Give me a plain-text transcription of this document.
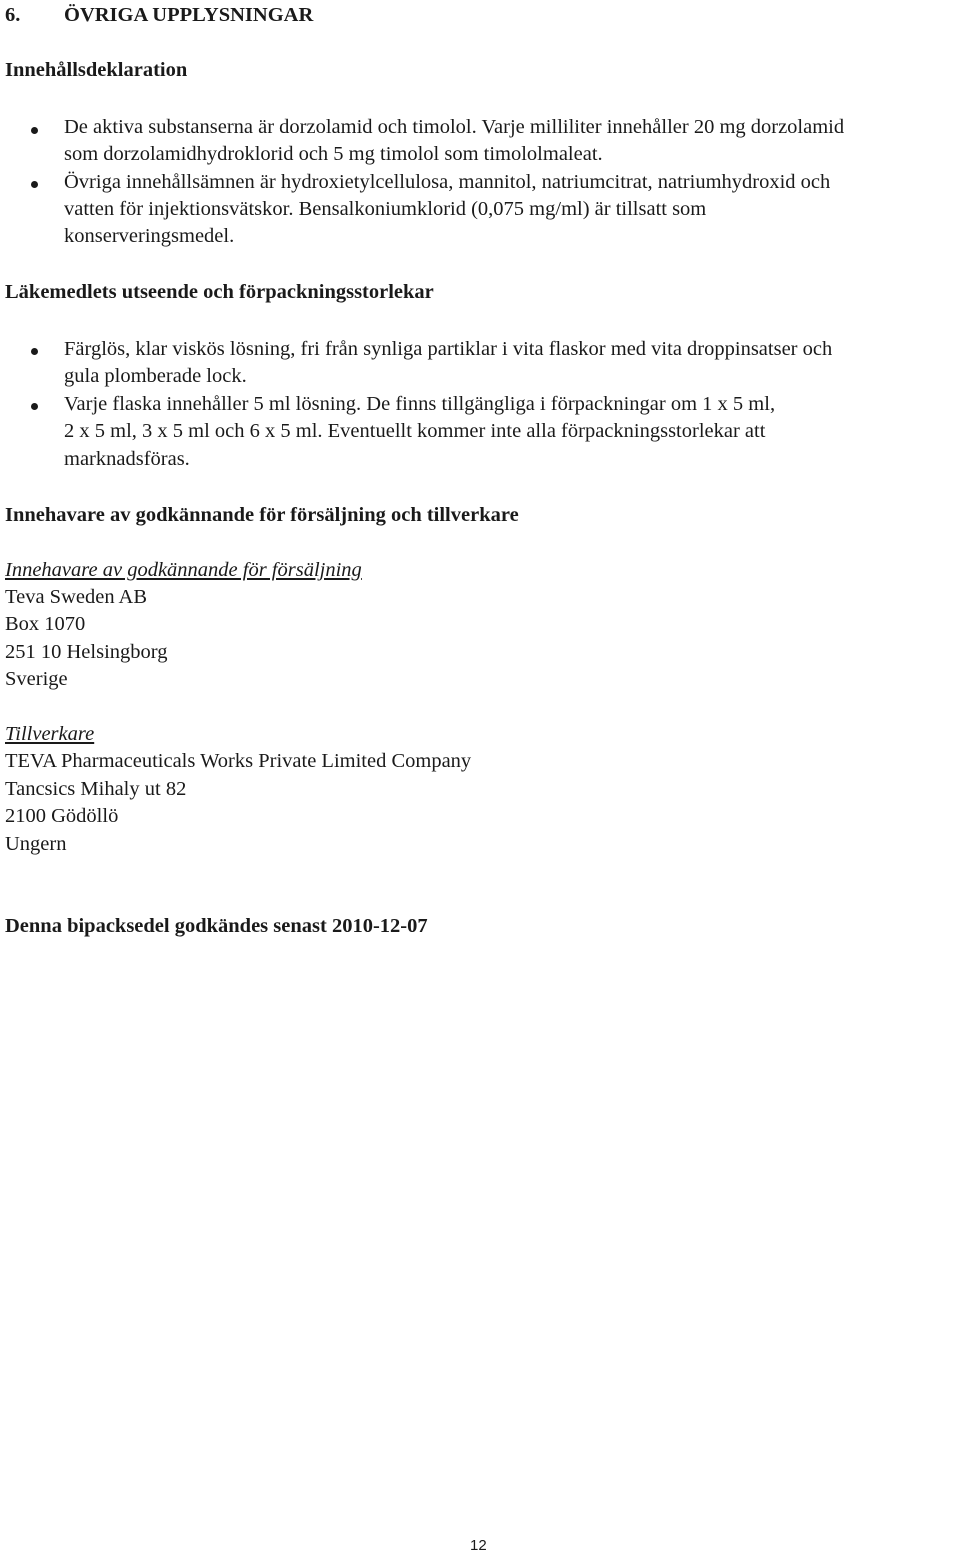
6. ÖVRIGA UPPLYSNINGAR
Innehållsdeklaration
De aktiva substanserna är dorzolamid och timolol. Varje milliliter innehåller 20 mg dorzolamid
som dorzolamidhydroklorid och 5 mg timolol som timololmaleat.
Övriga innehållsämnen är hydroxietylcellulosa, mannitol, natriumcitrat, natriumhydroxid och
vatten för injektionsvätskor. Bensalkoniumklorid (0,075 mg/ml) är tillsatt som
konserveringsmedel.
Läkemedlets utseende och förpackningsstorlekar
Färglös, klar viskös lösning, fri från synliga partiklar i vita flaskor med vita droppinsatser och
gula plomberade lock.
Varje flaska innehåller 5 ml lösning. De finns tillgängliga i förpackningar om 1 x 5 ml,
2 x 5 ml, 3 x 5 ml och 6 x 5 ml. Eventuellt kommer inte alla förpackningsstorlekar att
marknadsföras.
Innehavare av godkännande för försäljning och tillverkare
Innehavare av godkännande för försäljning
Teva Sweden AB
Box 1070
251 10 Helsingborg
Sverige
Tillverkare
TEVA Pharmaceuticals Works Private Limited Company
Tancsics Mihaly ut 82
2100 Gödöllö
Ungern
Denna bipacksedel godkändes senast 2010-12-07
12
